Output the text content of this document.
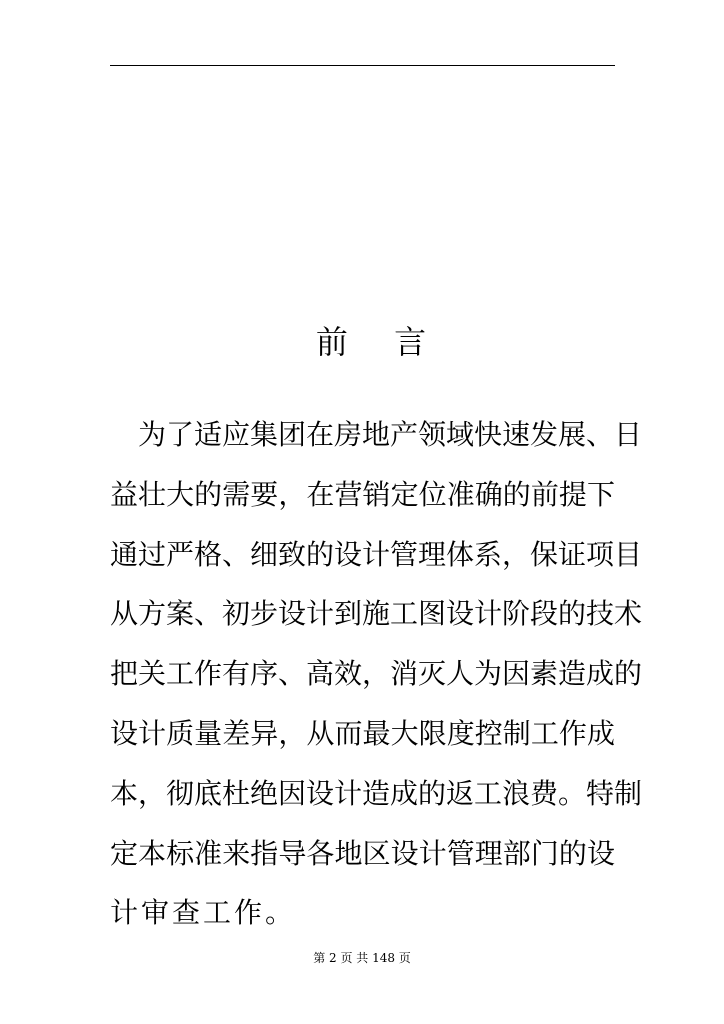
前 言
为了适应集团在房地产领域快速发展、日
益壮大的需要，在营销定位准确的前提下
通过严格、细致的设计管理体系，保证项目
从方案、初步设计到施工图设计阶段的技术
把关工作有序、高效，消灭人为因素造成的
设计质量差异，从而最大限度控制工作成
本，彻底杜绝因设计造成的返工浪费。特制
定本标准来指导各地区设计管理部门的设
计审查工作。
第 2 页 共 148 页
